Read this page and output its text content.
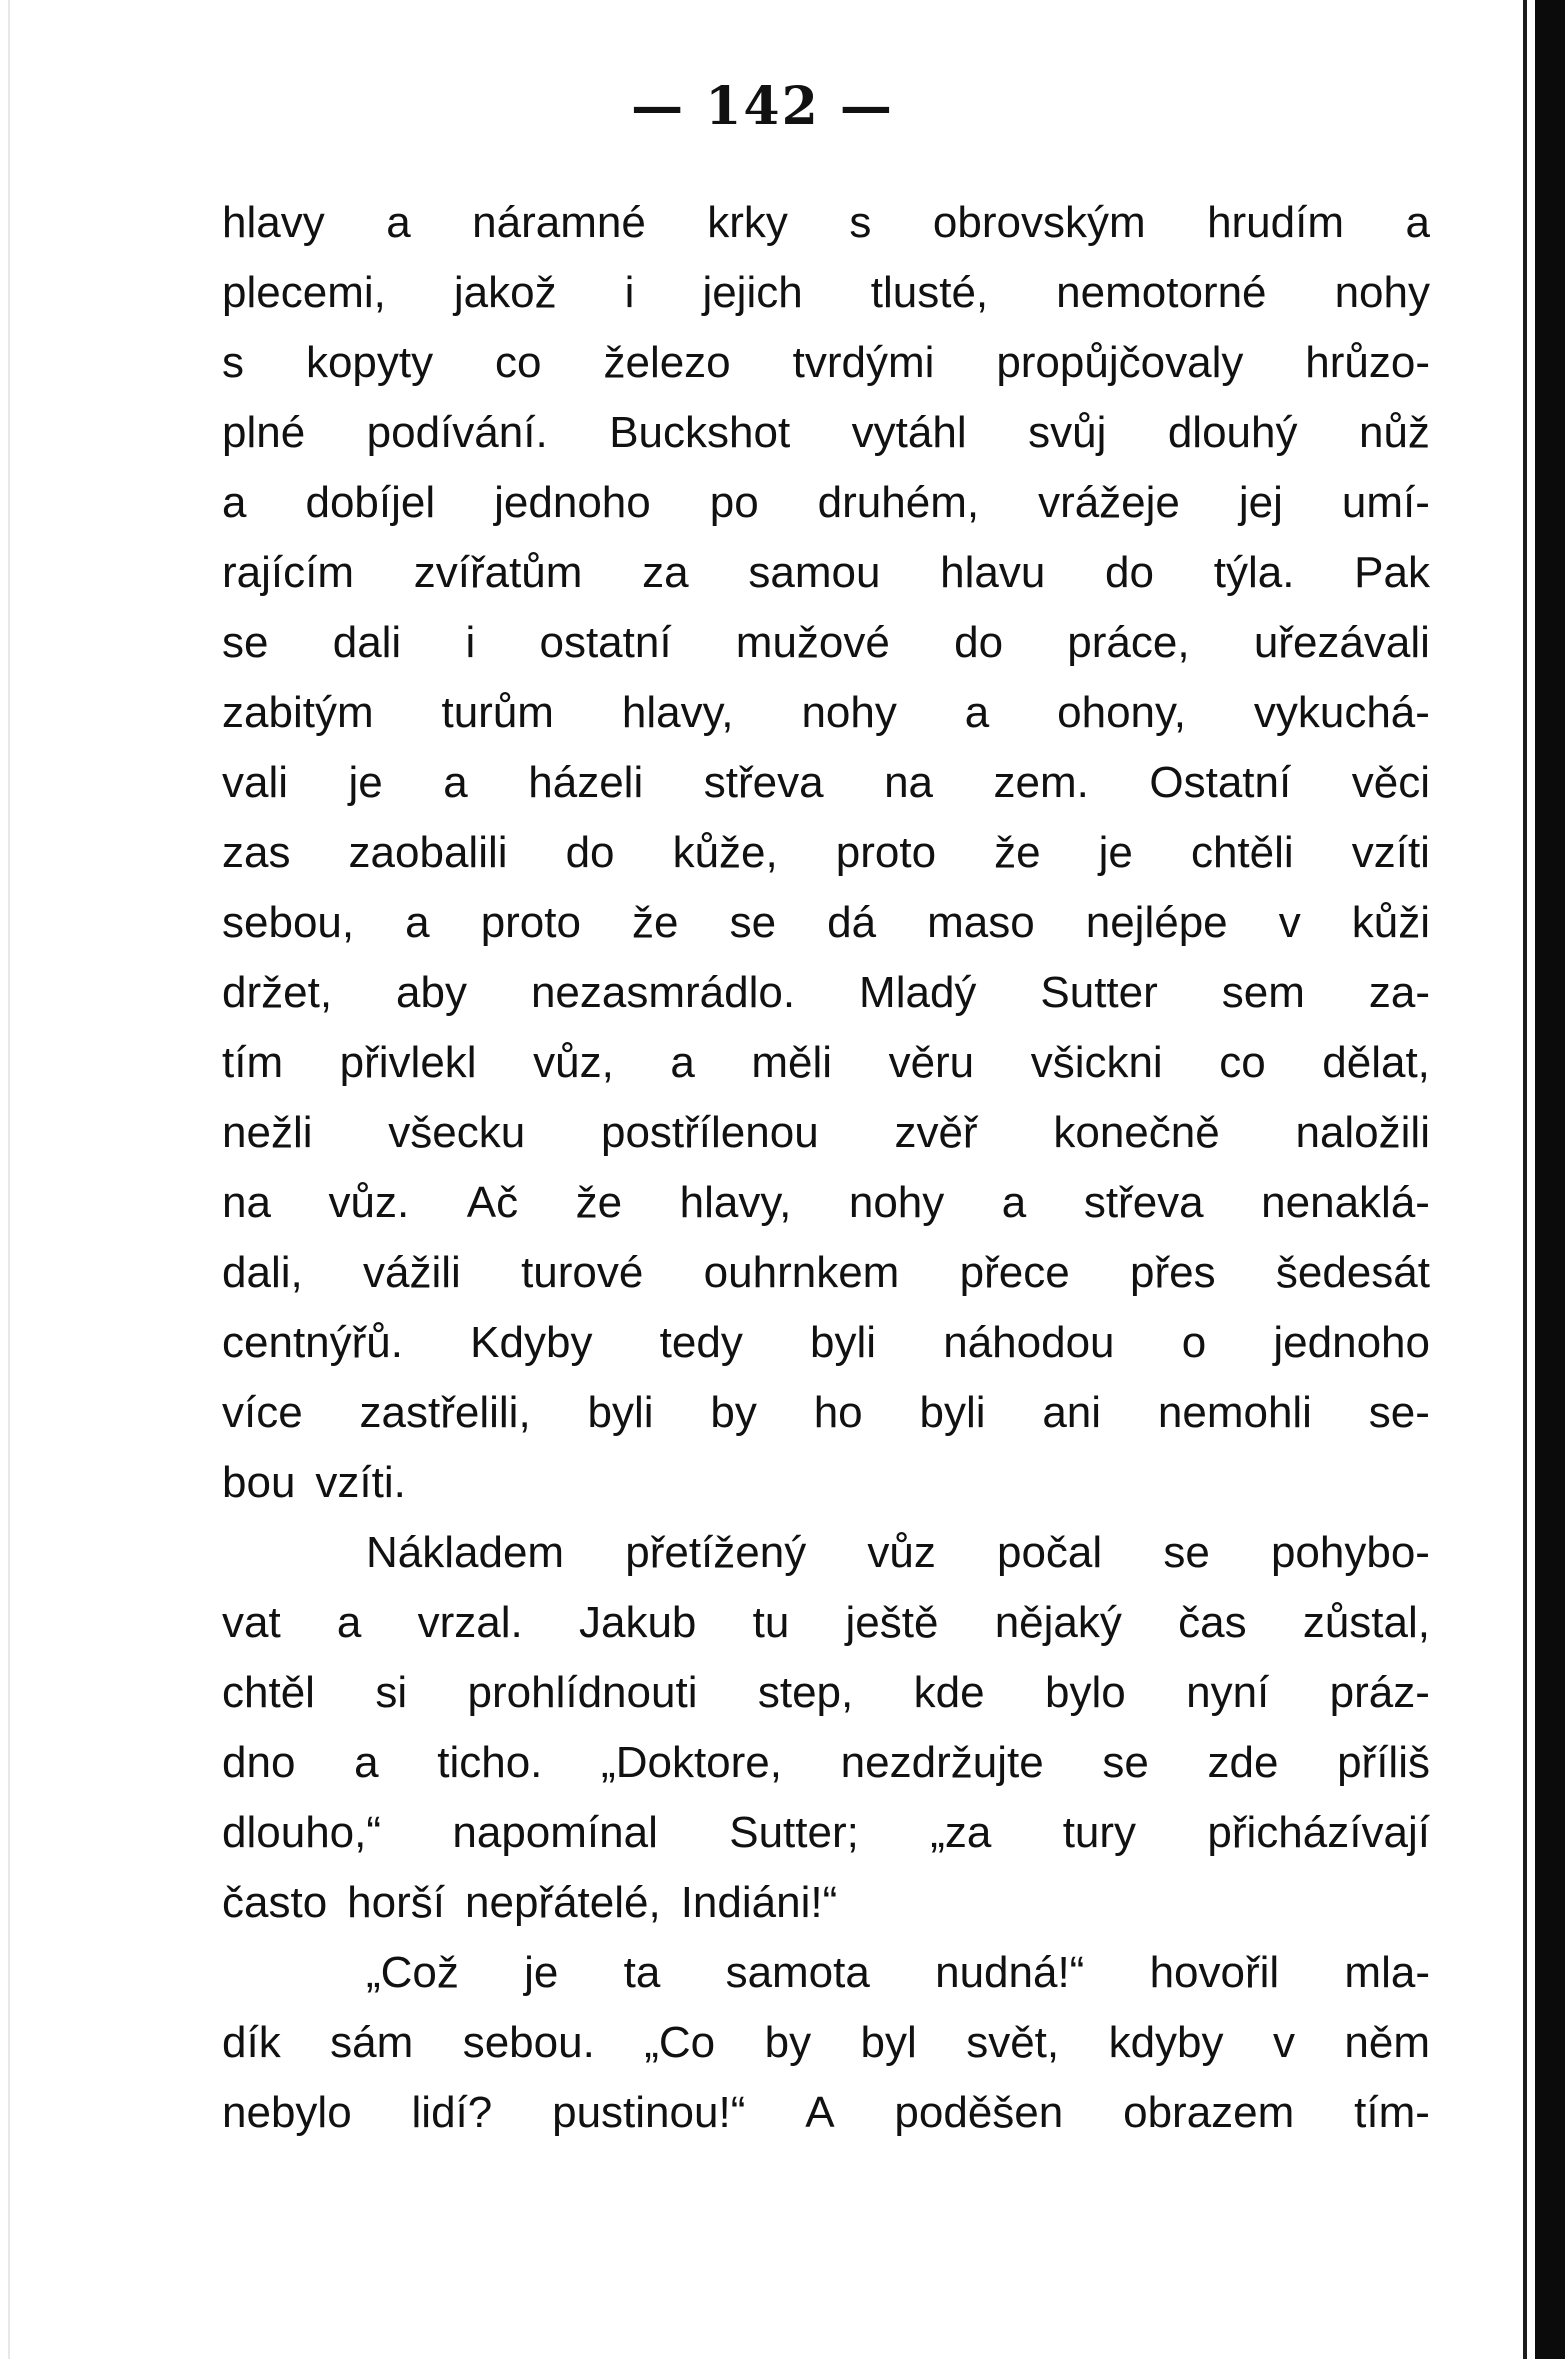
— 142 —
hlavy a náramné krky s obrovským hrudím a
plecemi, jakož i jejich tlusté, nemotorné nohy
s kopyty co železo tvrdými propůjčovaly hrůzo-
plné podívání. Buckshot vytáhl svůj dlouhý nůž
a dobíjel jednoho po druhém, vrážeje jej umí-
rajícím zvířatům za samou hlavu do týla. Pak
se dali i ostatní mužové do práce, uřezávali
zabitým turům hlavy, nohy a ohony, vykuchá-
vali je a házeli střeva na zem. Ostatní věci
zas zaobalili do kůže, proto že je chtěli vzíti
sebou, a proto že se dá maso nejlépe v kůži
držet, aby nezasmrádlo. Mladý Sutter sem za-
tím přivlekl vůz, a měli věru všickni co dělat,
nežli všecku postřílenou zvěř konečně naložili
na vůz. Ač že hlavy, nohy a střeva nenaklá-
dali, vážili turové ouhrnkem přece přes šedesát
centnýřů. Kdyby tedy byli náhodou o jednoho
více zastřelili, byli by ho byli ani nemohli se-
bou vzíti.
Nákladem přetížený vůz počal se pohybo-
vat a vrzal. Jakub tu ještě nějaký čas zůstal,
chtěl si prohlídnouti step, kde bylo nyní práz-
dno a ticho. „Doktore, nezdržujte se zde příliš
dlouho,“ napomínal Sutter; „za tury přicházívají
často horší nepřátelé, Indiáni!“
„Což je ta samota nudná!“ hovořil mla-
dík sám sebou. „Co by byl svět, kdyby v něm
nebylo lidí? pustinou!“ A poděšen obrazem tím-
